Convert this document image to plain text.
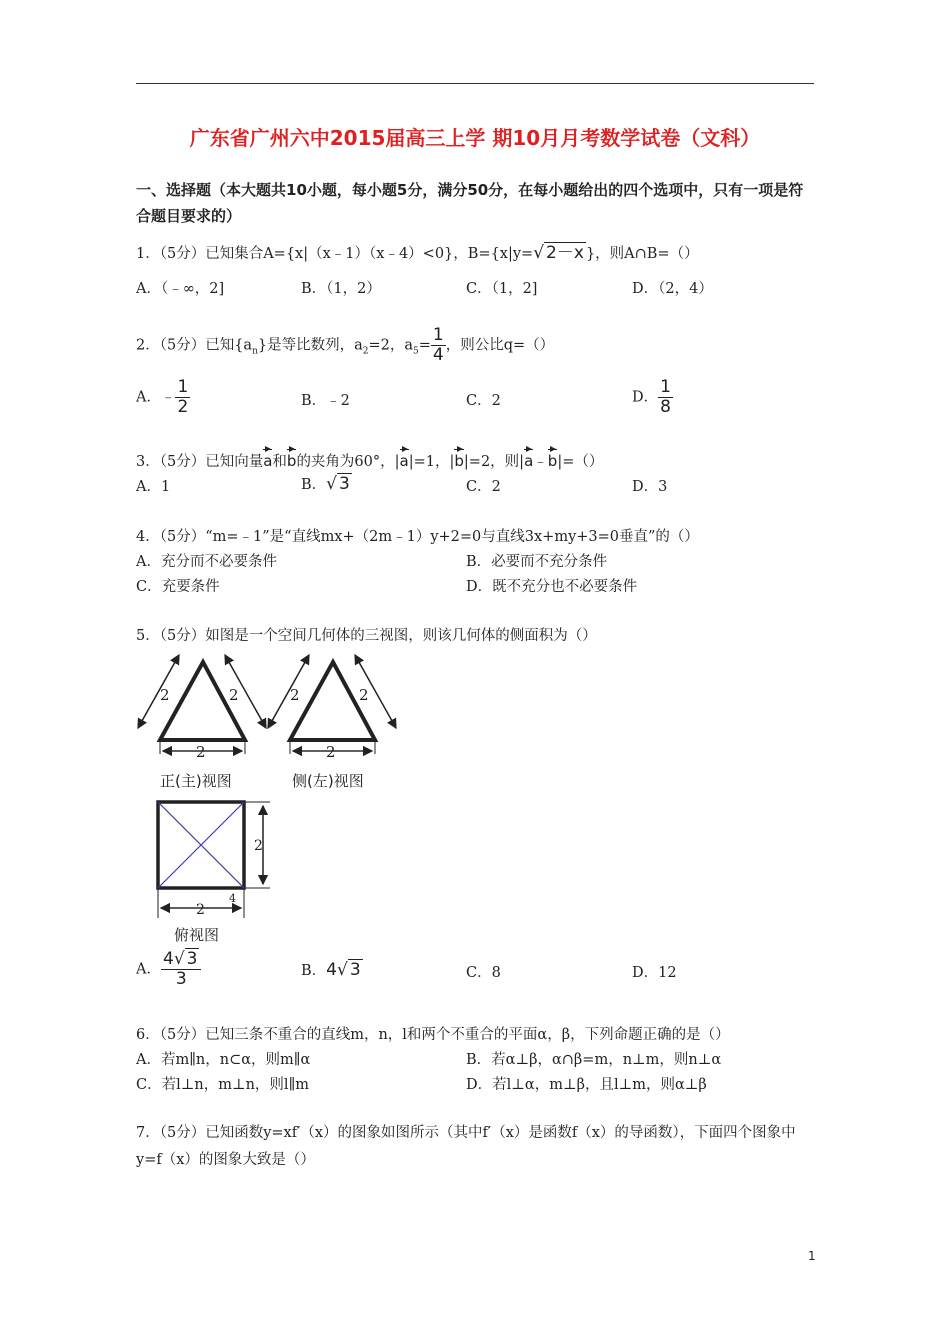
广东省广州六中2015届高三上学 期10月月考数学试卷（文科）
一、选择题（本大题共10小题，每小题5分，满分50分，在每小题给出的四个选项中，只有一项是符合题目要求的）
1．（5分）已知集合A={x|（x﹣1）（x﹣4）<0}，B={x|y=√ 2－x }，则A∩B=（）
A．（﹣∞，2]	B．（1，2）	C．（1，2]	D．（2，4）
2．（5分）已知$\{a_n\}$是等比数列，$a_2=2$，$a_5= \frac{1}{4}$ ，则公比q=（）
A．﹣ $\frac{1}{2}$	B．﹣2	C．2	D． $\frac{1}{8}$
3．（5分）已知向量a和b的夹角为60°，|a|=1，|b|=2，则|a﹣b|=（）
A．1	B．√ 3	C．2	D．3
4．（5分）“m=﹣1”是“直线mx+（2m﹣1）y+2=0与直线3x+my+3=0垂直”的（）
A．充分而不必要条件	B．必要而不充分条件
C．充要条件	D．既不充分也不必要条件
5．（5分）如图是一个空间几何体的三视图，则该几何体的侧面积为（）
2
2	2
正(主)视图
2
2	2
侧(左)视图
2
2
4
俯视图
A． $\frac{4√ 3}{3}$	B．4√ 3	C．8	D．12
6．（5分）已知三条不重合的直线m，n，l和两个不重合的平面α，β，下列命题正确的是（）
A．若m∥n，n⊂α，则m∥α	B．若α⊥β，α∩β=m，n⊥m，则n⊥α
C．若l⊥n，m⊥n，则l∥m	D．若l⊥α，m⊥β，且l⊥m，则α⊥β
7．（5分）已知函数y=xf′（x）的图象如图所示（其中f′（x）是函数f（x）的导函数），下面四个图象中y=f（x）的图象大致是（）
1
